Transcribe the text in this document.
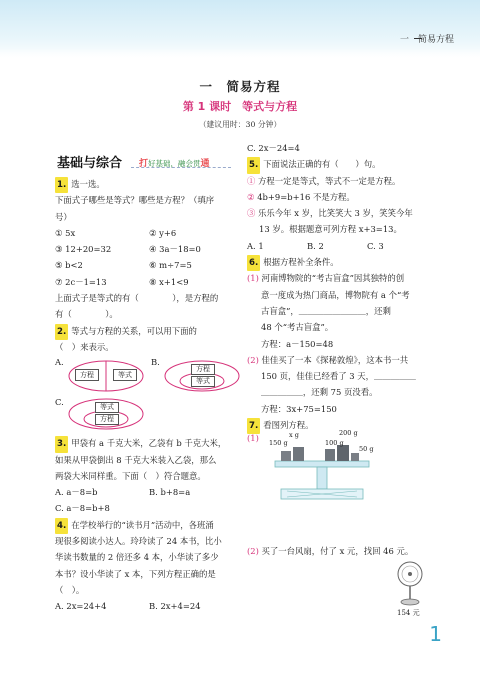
一　简易方程
一　简易方程
第 1 课时　等式与方程
（建议用时：30 分钟）
基础与综合 打好基础，融会贯通
1. 选一选。
下面式子哪些是等式？哪些是方程？（填序
号）
① 5x	② y+6
③ 12+20=32	④ 3a－18=0
⑤ b<2	⑥ m÷7=5
⑦ 2c－1=13	⑧ x+1<9
上面式子是等式的有（　　　　），是方程的
有（　　　　）。
2. 等式与方程的关系，可以用下面的
（　）来表示。
A.
方程	等式
B.
方程
等式
C.	等式
方程
3. 甲袋有 a 千克大米，乙袋有 b 千克大米，
如果从甲袋倒出 8 千克大米装入乙袋，那么
两袋大米同样重。下面（　）符合题意。
A. a－8=b	B. b+8=a
C. a－8=b+8
4. 在学校举行的“读书月”活动中，各班涌
现很多阅读小达人。玲玲读了 24 本书，比小
华读书数量的 2 倍还多 4 本，小华读了多少
本书？设小华读了 x 本，下列方程正确的是
（　）。
A. 2x=24+4	B. 2x+4=24
C. 2x－24=4
5. 下面说法正确的有（　　）句。
① 方程一定是等式，等式不一定是方程。
② 4b+9=b+16 不是方程。
③ 乐乐今年 x 岁，比笑笑大 3 岁，笑笑今年
13 岁。根据题意可列方程 x+3=13。
A. 1	B. 2	C. 3
6. 根据方程补全条件。
(1) 河南博物院的“考古盲盒”因其独特的创
意一度成为热门商品，博物院有 a 个“考
古盲盒”，＿＿＿＿＿＿＿＿，还剩
48 个“考古盲盒”。
方程：a－150=48
(2) 佳佳买了一本《探秘敦煌》，这本书一共
150 页，佳佳已经看了 3 天，＿＿＿＿＿
＿＿＿＿＿，还剩 75 页没看。
方程：3x+75=150
7. 看图列方程。
(1)	x g	200 g
150 g	100 g
50 g
(2) 买了一台风扇，付了 x 元，找回 46 元。
154 元
1
